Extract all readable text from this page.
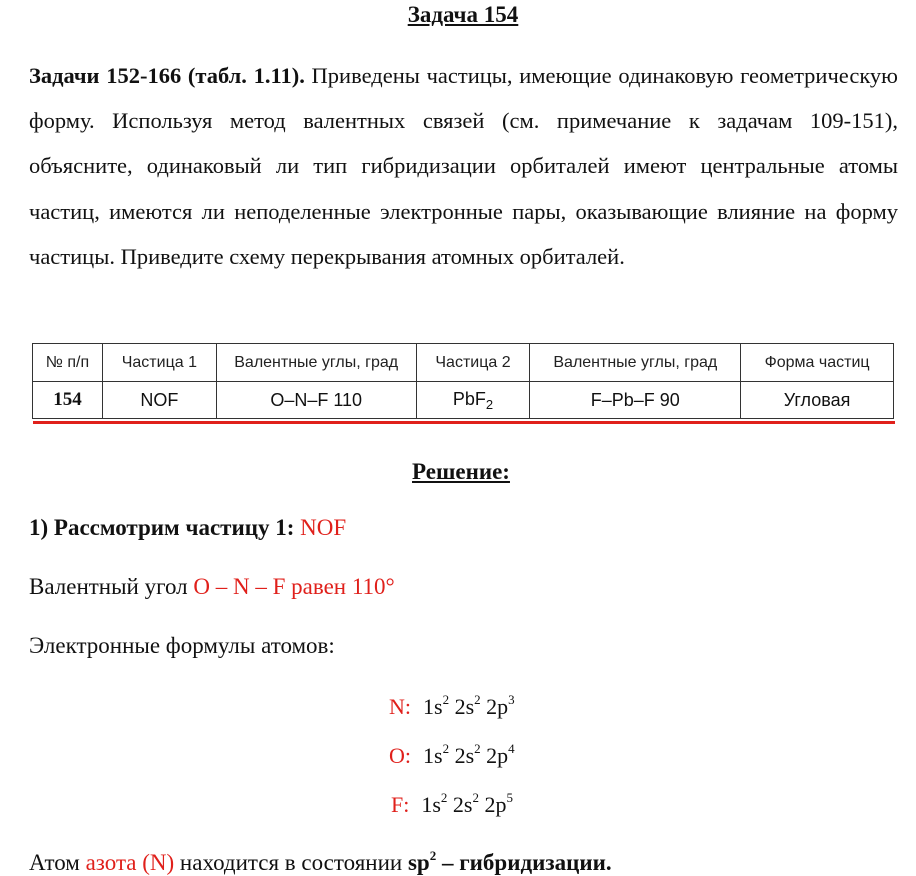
Задача 154
Задачи 152-166 (табл. 1.11). Приведены частицы, имеющие одинаковую геометрическую форму. Используя метод валентных связей (см. примечание к задачам 109-151), объясните, одинаковый ли тип гибридизации орбиталей имеют центральные атомы частиц, имеются ли неподеленные электронные пары, оказывающие влияние на форму частицы. Приведите схему перекрывания атомных орбиталей.
№ п/п	Частица 1	Валентные углы, град	Частица 2	Валентные углы, град	Форма частиц
154	NOF	O–N–F 110	PbF$_2$	F–Pb–F 90	Угловая
Решение:
1) Рассмотрим частицу 1: NOF
Валентный угол O – N – F равен 110°
Электронные формулы атомов:
N: $1s^2$ $2s^2$ $2p^3$
O: $1s^2$ $2s^2$ $2p^4$
F: $1s^2$ $2s^2$ $2p^5$
Атом азота (N) находится в состоянии $sp^2$ – гибридизации.
